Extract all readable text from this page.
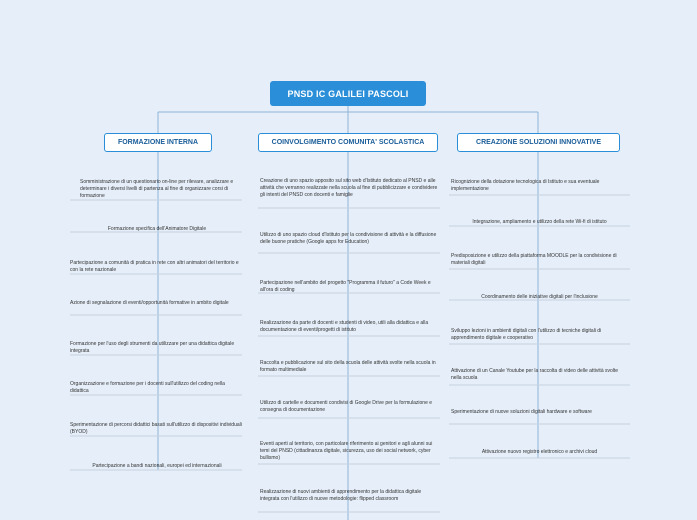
PNSD IC GALILEI PASCOLI
FORMAZIONE INTERNA
Somministrazione di un questionario on-line per rilevare, analizzare e determinare i diversi livelli di partenza al fine di organizzare corsi di formazione
Formazione specifica dell'Animatore Digitale
Partecipazione a comunità di pratica in rete con altri animatori del territorio e con la rete nazionale
Azione di segnalazione di eventi/opportunità formative in ambito digitale
Formazione per l'uso degli strumenti da utilizzare per una didattica digitale integrata
Organizzazione e formazione per i docenti sull'utilizzo del coding nella didattica
Sperimentazione di percorsi didattici basati sull'utilizzo di dispositivi individuali (BYOD)
Partecipazione a bandi nazionali, europei ed internazionali
COINVOLGIMENTO COMUNITA' SCOLASTICA
Creazione di uno spazio apposito sul sito web d'Istituto dedicato al PNSD e alle attività che verranno realizzate nella scuola al fine di pubblicizzare e condividere gli intenti del PNSD con docenti e famiglie
Utilizzo di uno spazio cloud d'Istituto per la condivisione di attività e la diffusione delle buone pratiche (Google apps for Education)
Partecipazione nell'ambito del progetto "Programma il futuro" a Code Week e all'ora di coding
Realizzazione da parte di docenti e studenti di video, utili alla didattica e alla documentazione di eventi/progetti di istituto
Raccolta e pubblicazione sul sito della scuola delle attività svolte nella scuola in formato multimediale
Utilizzo di cartelle e documenti condivisi di Google Drive per la formulazione e consegna di documentazione
Eventi aperti al territorio, con particolare riferimento ai genitori e agli alunni sui temi del PNSD (cittadinanza digitale, sicurezza, uso dei social network, cyber bullismo)
Realizzazione di nuovi ambienti di apprendimento per la didattica digitale integrata con l'utilizzo di nuove metodologie: flipped classroom
CREAZIONE SOLUZIONI INNOVATIVE
Ricognizione della dotazione tecnologica di Istituto e sua eventuale implementazione
Integrazione, ampliamento e utilizzo della rete Wi-fi di istituto
Predisposizione e utilizzo della piattaforma MOODLE per la condivisione di materiali digitali
Coordinamento delle iniziative digitali per l'inclusione
Sviluppo lezioni in ambienti digitali con l'utilizzo di tecniche digitali di apprendimento digitale e cooperativo
Attivazione di un Canale Youtube per la raccolta di video delle attività svolte nella scuola
Sperimentazione di nuove soluzioni digitali hardware e software
Attivazione nuovo registro elettronico e archivi cloud
